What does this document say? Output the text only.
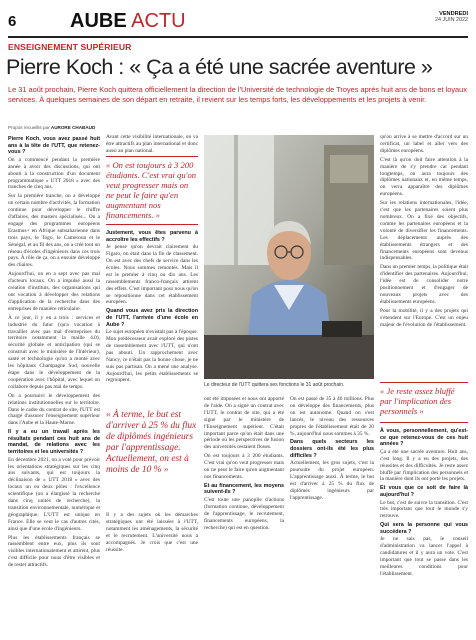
6	AUBE ACTU	VENDREDI
24 JUIN 2022
ENSEIGNEMENT SUPÉRIEUR
Pierre Koch : « Ça a été une sacrée aventure »
Le 31 août prochain, Pierre Koch quittera officiellement la direction de l'Université de technologie de Troyes après huit ans de bons et loyaux services. À quelques semaines de son départ en retraite, il revient sur les temps forts, les développements et les projets à venir.
Propos recueillis par AURORE CHABAUD

Pierre Koch, vous avez passé huit ans à la tête de l'UTT, que retenez-vous ?

On a commencé pendant la première année à avoir des discussions, qui ont abouti à la construction d'un document programmatique « UTT 2018 » avec des tranches de cinq ans.

Sur la première tranche, on a développé un certain nombre d'activités, la formation continue pour développer le chiffre d'affaires, des masters spécialisés... On a engagé des programmes européens Erasmus+ en Afrique subsaharienne dans trois pays, le Togo, le Cameroun et le Sénégal, et au fil des ans, on a créé tout un réseau d'écoles d'ingénieurs dans ces trois pays. À rôle de ça, on a ensuite développé des chaires.

Aujourd'hui, on en a sept avec pas mal d'acteurs locaux. On a impulsé aussi la création d'instituts, des organisations qui ont vocation à développer des relations d'application de la recherche dans des entreprises de manière réticulaire.

À ce jour, il y en a trois : services et industrie du futur (qu'a vocation à travailler avec pas mal d'entreprises du territoire notamment la maille 4.0), sécurité globale et anticipation (qui se construit avec le ministère de l'Intérieur), santé et technologie qu'on a monté avec les hôpitaux Champagne Sud, nouvelle étape dans le développement de la coopération avec l'hôpital, avec lequel on collabore depuis pas mal de temps.

On a poursuivi le développement des relations institutionnelles sur le territoire. Dans le cadre du contrat de site, l'UTT est chargé d'assurer l'enseignement supérieur dans l'Aube et la Haute-Marne.

Il y a eu un travail après les résultats pendant ces huit ans de mandat, de relations avec les territoires et les universités ?

En décembre 2021, on a voté pour prévoir les orientations stratégiques sur les cinq ans suivants, qui est toujours la déclinaison de « UTT 2018 » avec des locaux un ou deux pôles : l'excellence scientifique (on a élargissé la recherche dans cinq unités de recherche), la transition environnementale, numérique et géographique. L'UTT est unique en France. Elle se veut le cas d'autres cités, ainsi que d'une école d'ingénieurs.

Plus les établissements français se rassemblent entre eux, plus ils sont visibles internationalement et attirent, plus c'est difficile pour nous d'être visibles et de rester attractifs.

Avant cette visibilité internationale, on va être attractifs au plan international et donc aussi au plan national.

« On est toujours à 3 200 étudiants. C'est vrai qu'on veut progresser mais on ne peut le faire qu'en augmentant nos financements. »

Justement, vous êtes parvenu à accroître les effectifs ?

Je pense qu'on devrait clairement du Figaro, on était dans la fin de classement. On est avec des chefs de service dans les écoles. Nous sommes remontés. Mais il est le premier à cinq ou dix ans. Les rassemblements franco-français attirent des effets. C'est important pour nous qu'on se repositionne dans cet établissement européen.

Quand vous avez pris la direction de l'UTT, l'arrivée d'une école en Aube ?

Le sujet européen n'existait pas à l'époque. Mon prédécesseur avait exploré des pistes de rassemblement avec l'UTT, qui n'ont pas abouti. Un rapprochement avec Nancy, ce n'était pas la bonne chose, je ne suis pas partisan. On a mené une analyse. Aujourd'hui, les petits établissements se regroupent.

Le directeur de l'UTT quittera ses fonctions le 31 août prochain.
« À terme, le but est d'arriver à 25 % du flux de diplômés ingénieurs par l'apprentissage. Actuellement, on est à moins de 10 % »

Il y a des sujets où les démarches stratégiques ont été laissées à l'UTT, notamment les aménagements, la sécurité et le recrutement. L'université nous a accompagnés. Je crois que c'est une réussite.

ont été imposées et nous ont apporté de l'aide. On a signé un contrat avec l'UTT, le contrat de site, qui a été signé par le ministère de l'Enseignement supérieur. C'était important parce qu'on était dans une période où les perspectives de fusion des universités restaient floues.

On est toujours à 3 200 étudiants. C'est vrai qu'on veut progresser mais on ne peut le faire qu'en augmentant nos financements.

Et au financement, les moyens suivent-ils ?

C'est toute une panoplie d'actions (formation continue, développement de l'apprentissage, le recrutement, financements européens, la recherche) qui est en question.

On est passé de 35 à 46 millions. Plus on développe des financements, plus on est autonome. Quand on s'est lancés, le niveau des ressources propres de l'établissement était de 20 %, aujourd'hui nous sommes à 35 %.

Dans quels secteurs les dossiers ont-ils été les plus difficiles ?

Actuellement, les gros sujets, c'est la poursuite du projet européen. L'apprentissage aussi. À terme, le but est d'arriver à 25 % du flux de diplômés ingénieurs par l'apprentissage.

qu'on arrive à se mettre d'accord sur un certificat, un label et aller vers des diplômes européens.

C'est là qu'on doit faire attention à la manière de s'y prendre car pendant longtemps, on aura toujours des diplômes nationaux et, en même temps, on verra apparaître des diplômes européens.

Sur les relations internationales, l'idée, c'est que les partenaires soient plus nombreux. On a fixé des objectifs, comme les partenaires européens et la volonté de diversifier les financements. Les déplacements auprès des établissements étrangers et des financements européens sont devenus indispensables.

Dans un premier temps, la politique était d'identifier des partenaires. Aujourd'hui, l'idée est de consolider notre positionnement et d'engager de nouveaux projets avec des établissements européens.

Pour la mobilité, il y a des projets qui s'étendent sur l'Europe. C'est un enjeu majeur de l'évolution de l'établissement.

« Je reste assez bluffé par l'implication des personnels »

À vous, personnellement, qu'est-ce que retenez-vous de ces huit années ?

Ça a été une sacrée aventure. Huit ans, c'est long. Il y a eu des projets, des réussites et des difficultés. Je reste assez bluffé par l'implication des personnels et la manière dont ils ont porté les projets.

Et vous que ce soit de faire là aujourd'hui ?

Le but, c'est de suivre la transition. C'est très important que tout le monde s'y retrouve.

Qui sera la personne qui vous succédera ?

Je ne sais pas, le conseil d'administration va lancer l'appel à candidatures et il y aura un vote. C'est important que tout se passe dans les meilleures conditions pour l'établissement.
